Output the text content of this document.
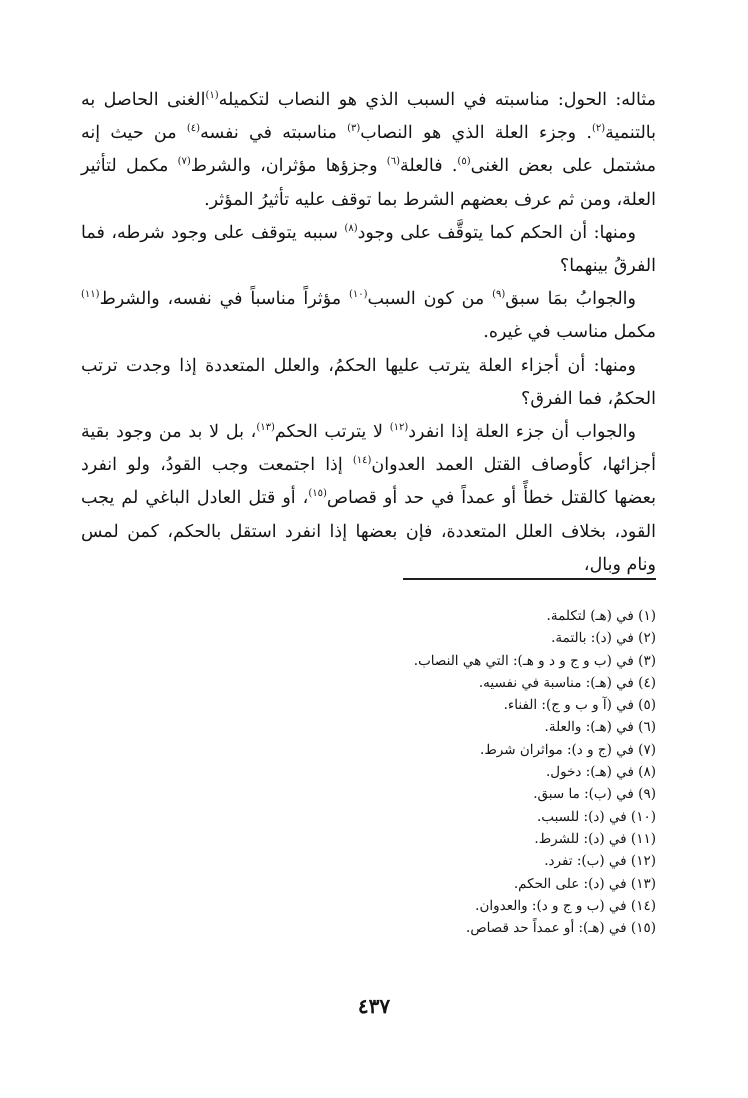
مثاله: الحول: مناسبته في السبب الذي هو النصاب لتكميله$^{(١)}$الغنى الحاصل به بالتنمية$^{(٢)}$. وجزء العلة الذي هو النصاب$^{(٣)}$ مناسبته في نفسه$^{(٤)}$ من حيث إنه مشتمل على بعض الغنى$^{(٥)}$. فالعلة$^{(٦)}$ وجزؤها مؤثران، والشرط$^{(٧)}$ مكمل لتأثير العلة، ومن ثم عرف بعضهم الشرط بما توقف عليه تأثيرُ المؤثر.

ومنها: أن الحكم كما يتوقَّف على وجود$^{(٨)}$ سببه يتوقف على وجود شرطه، فما الفرقُ بينهما؟

والجوابُ بمَا سبق$^{(٩)}$ من كون السبب$^{(١٠)}$ مؤثراً مناسباً في نفسه، والشرط$^{(١١)}$ مكمل مناسب في غيره.

ومنها: أن أجزاء العلة يترتب عليها الحكمُ، والعلل المتعددة إذا وجدت ترتب الحكمُ، فما الفرق؟

والجواب أن جزء العلة إذا انفرد$^{(١٢)}$ لا يترتب الحكم$^{(١٣)}$، بل لا بد من وجود بقية أجزائها، كأوصاف القتل العمد العدوان$^{(١٤)}$ إذا اجتمعت وجب القودُ، ولو انفرد بعضها كالقتل خطأً أو عمداً في حد أو قصاص$^{(١٥)}$، أو قتل العادل الباغي لم يجب القود، بخلاف العلل المتعددة، فإن بعضها إذا انفرد استقل بالحكم، كمن لمس ونام وبال،

(١) في (هـ) لتكلمة.
(٢) في (د): بالتمة.
(٣) في (ب و ج و د و هـ): التي هي النصاب.
(٤) في (هـ): مناسبة في نفسيه.
(٥) في (آ و ب و ج): الفناء.
(٦) في (هـ): والعلة.
(٧) في (ج و د): مواثران شرط.
(٨) في (هـ): دخول.
(٩) في (ب): ما سبق.
(١٠) في (د): للسبب.
(١١) في (د): للشرط.
(١٢) في (ب): تفرد.
(١٣) في (د): على الحكم.
(١٤) في (ب و ج و د): والعدوان.
(١٥) في (هـ): أو عمداً حد قصاص.
٤٣٧
